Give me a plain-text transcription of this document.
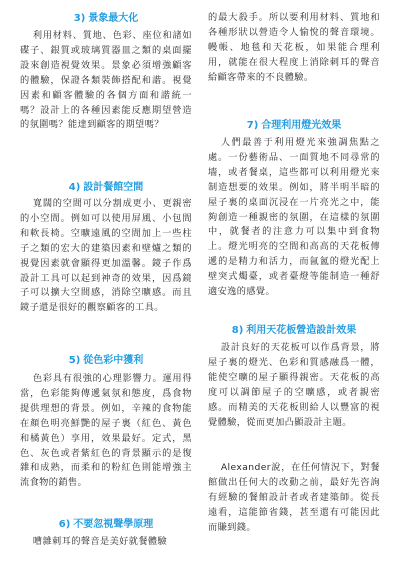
3) 景象最大化

利用材料、質地、色彩、座位和諸如碟子、銀質或玻璃質器皿之類的桌面擺設來創造視覺效果。景象必須增強顧客的體驗，保證各類裝飾搭配和諧。視覺因素和顧客體驗的各個方面和諧統一嗎？設計上的各種因素能反應期望營造的氛圍嗎？能達到顧客的期望嗎？

4) 設計餐館空間

寬闊的空間可以分割成更小、更親密的小空間。例如可以使用屏風、小包間和軟長椅。空曠遠風的空間加上一些柱子之類的宏大的建築因素和壁爐之類的視覺因素就會顯得更加溫馨。鏡子作爲設計工具可以起到神奇的效果，因爲鏡子可以擴大空間感，消除空曠感。而且鏡子還是很好的觀察顧客的工具。

5) 從色彩中獲利

色彩具有很強的心理影響力。運用得當，色彩能夠傳遞氣氛和態度，爲食物提供理想的背景。例如，辛辣的食物能在顏色明亮鮮艷的屋子裏（紅色、黃色和橘黃色）享用，效果最好。定式，黑色、灰色或者紫紅色的背景顯示的是復雜和成熟，而柔和的粉紅色則能增強主流食物的銷售。

6) 不要忽視聲學原理

嘈雜刺耳的聲音是美好就餐體驗

的最大殺手。所以要利用材料、質地和各種形狀以營造令人愉悅的聲音環境。幔帳、地毯和天花板，如果能合理利用，就能在很大程度上消除刺耳的聲音給顧客帶來的不良體驗。

7) 合理利用燈光效果

人們最善于利用燈光來強調焦點之處。一份藝術品、一面質地不同尋常的墻，或者餐桌，這些都可以利用燈光來制造想要的效果。例如，將半明半暗的屋子裏的桌面沉浸在一片亮光之中，能夠創造一種親密的氛圍，在這樣的氛圍中，就餐者的注意力可以集中到食物上。燈光明亮的空間和高高的天花板傳遞的是精力和活力，而氤氳的燈光配上壁突式燭臺，或者臺燈等能制造一種舒適安逸的感覺。

8) 利用天花板營造設計效果

設計良好的天花板可以作爲背景，將屋子裏的燈光、色彩和質感融爲一體，能使空曠的屋子顯得親密。天花板的高度可以調節屋子的空曠感，或者親密感。而精美的天花板則給人以豐富的視覺體驗，從而更加凸顯設計主題。

Alexander說，在任何情況下，對餐館做出任何大的改動之前，最好先咨詢有經驗的餐館設計者或者建築師。從長遠看，這能節省錢，甚至還有可能因此而賺到錢。
